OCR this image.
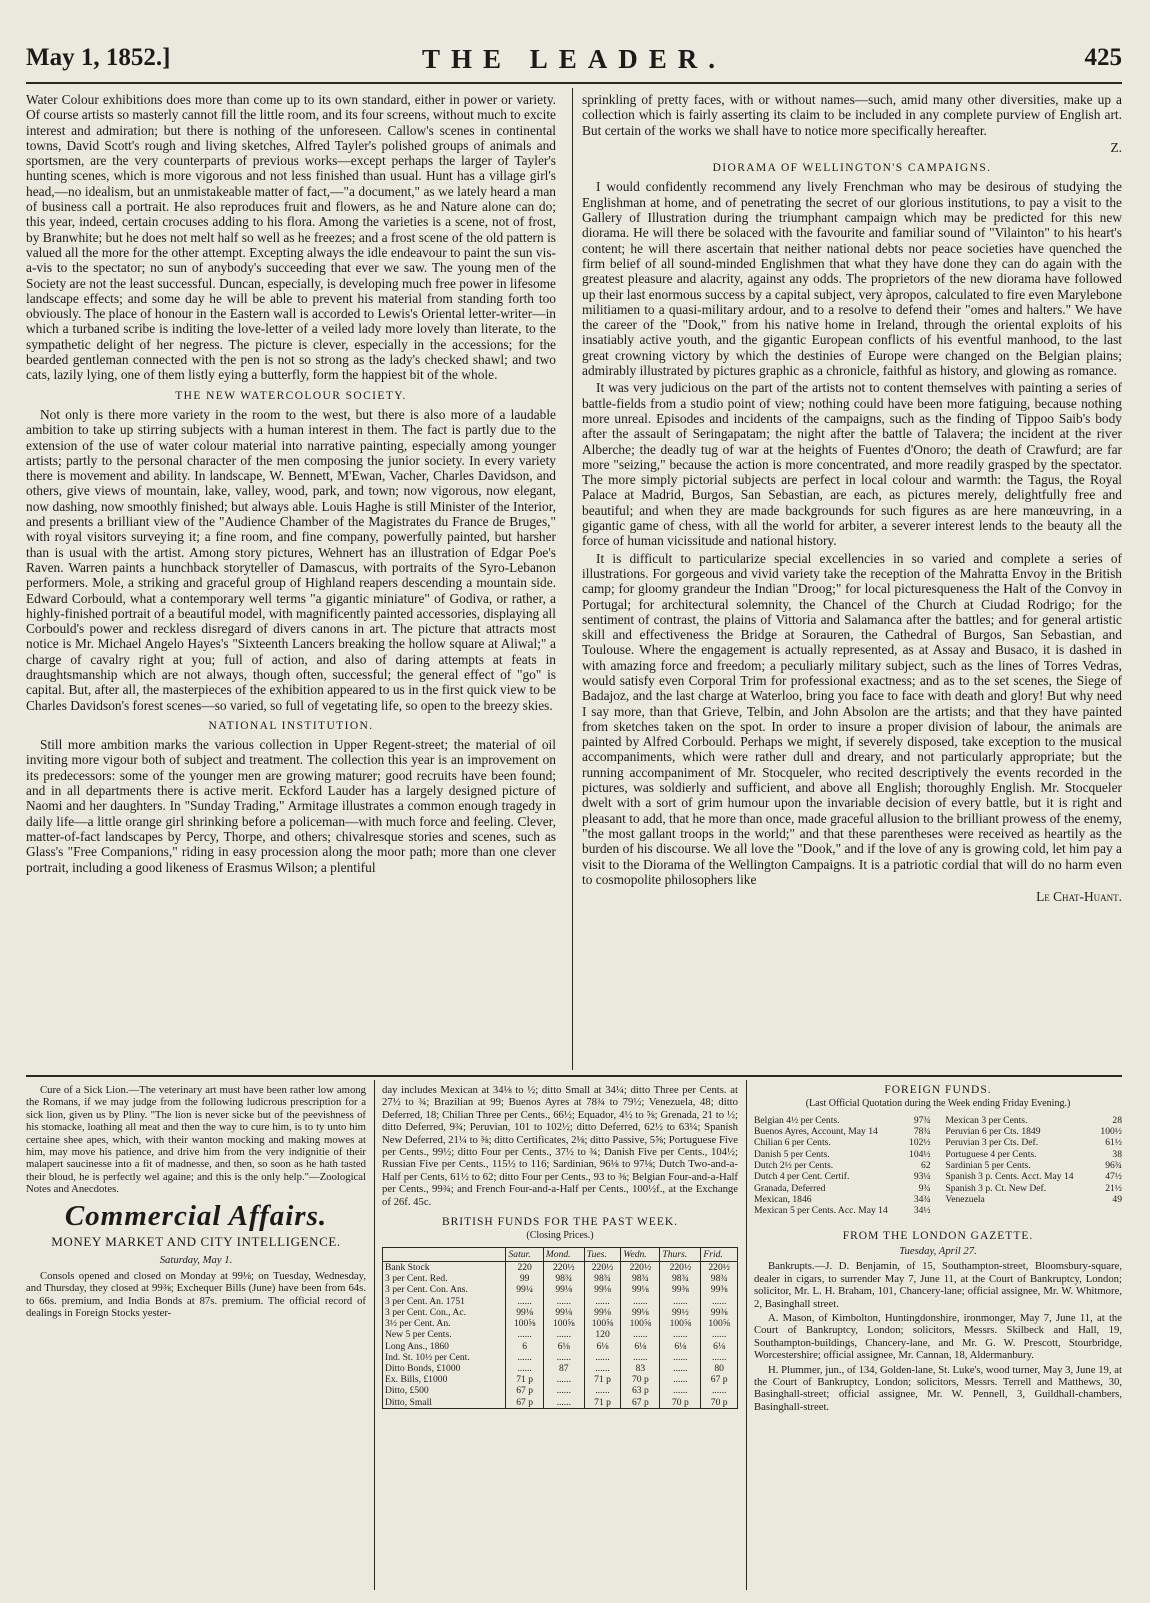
May 1, 1852.]	THE LEADER.	425

Water Colour exhibitions does more than come up to its own standard, either in power or variety. Of course artists so masterly cannot fill the little room, and its four screens, without much to excite interest and admiration; but there is nothing of the unforeseen. Callow's scenes in continental towns, David Scott's rough and living sketches, Alfred Tayler's polished groups of animals and sportsmen, are the very counterparts of previous works—except perhaps the larger of Tayler's hunting scenes, which is more vigorous and not less finished than usual. Hunt has a village girl's head,—no idealism, but an unmistakeable matter of fact,—"a document," as we lately heard a man of business call a portrait. He also reproduces fruit and flowers, as he and Nature alone can do; this year, indeed, certain crocuses adding to his flora. Among the varieties is a scene, not of frost, by Branwhite; but he does not melt half so well as he freezes; and a frost scene of the old pattern is valued all the more for the other attempt. Excepting always the idle endeavour to paint the sun vis-a-vis to the spectator; no sun of anybody's succeeding that ever we saw. The young men of the Society are not the least successful. Duncan, especially, is developing much free power in lifesome landscape effects; and some day he will be able to prevent his material from standing forth too obviously. The place of honour in the Eastern wall is accorded to Lewis's Oriental letter-writer—in which a turbaned scribe is inditing the love-letter of a veiled lady more lovely than literate, to the sympathetic delight of her negress. The picture is clever, especially in the accessions; for the bearded gentleman connected with the pen is not so strong as the lady's checked shawl; and two cats, lazily lying, one of them listly eying a butterfly, form the happiest bit of the whole.

THE NEW WATERCOLOUR SOCIETY.

Not only is there more variety in the room to the west, but there is also more of a laudable ambition to take up stirring subjects with a human interest in them. The fact is partly due to the extension of the use of water colour material into narrative painting, especially among younger artists; partly to the personal character of the men composing the junior society. In every variety there is movement and ability. In landscape, W. Bennett, M'Ewan, Vacher, Charles Davidson, and others, give views of mountain, lake, valley, wood, park, and town; now vigorous, now elegant, now dashing, now smoothly finished; but always able. Louis Haghe is still Minister of the Interior, and presents a brilliant view of the "Audience Chamber of the Magistrates du France de Bruges," with royal visitors surveying it; a fine room, and fine company, powerfully painted, but harsher than is usual with the artist. Among story pictures, Wehnert has an illustration of Edgar Poe's Raven. Warren paints a hunchback storyteller of Damascus, with portraits of the Syro-Lebanon performers. Mole, a striking and graceful group of Highland reapers descending a mountain side. Edward Corbould, what a contemporary well terms "a gigantic miniature" of Godiva, or rather, a highly-finished portrait of a beautiful model, with magnificently painted accessories, displaying all Corbould's power and reckless disregard of divers canons in art. The picture that attracts most notice is Mr. Michael Angelo Hayes's "Sixteenth Lancers breaking the hollow square at Aliwal;" a charge of cavalry right at you; full of action, and also of daring attempts at feats in draughtsmanship which are not always, though often, successful; the general effect of "go" is capital. But, after all, the masterpieces of the exhibition appeared to us in the first quick view to be Charles Davidson's forest scenes—so varied, so full of vegetating life, so open to the breezy skies.

NATIONAL INSTITUTION.

Still more ambition marks the various collection in Upper Regent-street; the material of oil inviting more vigour both of subject and treatment. The collection this year is an improvement on its predecessors: some of the younger men are growing maturer; good recruits have been found; and in all departments there is active merit. Eckford Lauder has a largely designed picture of Naomi and her daughters. In "Sunday Trading," Armitage illustrates a common enough tragedy in daily life—a little orange girl shrinking before a policeman—with much force and feeling. Clever, matter-of-fact landscapes by Percy, Thorpe, and others; chivalresque stories and scenes, such as Glass's "Free Companions," riding in easy procession along the moor path; more than one clever portrait, including a good likeness of Erasmus Wilson; a plentiful

sprinkling of pretty faces, with or without names—such, amid many other diversities, make up a collection which is fairly asserting its claim to be included in any complete purview of English art. But certain of the works we shall have to notice more specifically hereafter.

Z.

DIORAMA OF WELLINGTON'S CAMPAIGNS.

I would confidently recommend any lively Frenchman who may be desirous of studying the Englishman at home, and of penetrating the secret of our glorious institutions, to pay a visit to the Gallery of Illustration during the triumphant campaign which may be predicted for this new diorama. He will there be solaced with the favourite and familiar sound of "Vilainton" to his heart's content; he will there ascertain that neither national debts nor peace societies have quenched the firm belief of all sound-minded Englishmen that what they have done they can do again with the greatest pleasure and alacrity, against any odds. The proprietors of the new diorama have followed up their last enormous success by a capital subject, very àpropos, calculated to fire even Marylebone militiamen to a quasi-military ardour, and to a resolve to defend their "omes and halters." We have the career of the "Dook," from his native home in Ireland, through the oriental exploits of his insatiably active youth, and the gigantic European conflicts of his eventful manhood, to the last great crowning victory by which the destinies of Europe were changed on the Belgian plains; admirably illustrated by pictures graphic as a chronicle, faithful as history, and glowing as romance.

It was very judicious on the part of the artists not to content themselves with painting a series of battle-fields from a studio point of view; nothing could have been more fatiguing, because nothing more unreal. Episodes and incidents of the campaigns, such as the finding of Tippoo Saib's body after the assault of Seringapatam; the night after the battle of Talavera; the incident at the river Alberche; the deadly tug of war at the heights of Fuentes d'Onoro; the death of Crawfurd; are far more "seizing," because the action is more concentrated, and more readily grasped by the spectator. The more simply pictorial subjects are perfect in local colour and warmth: the Tagus, the Royal Palace at Madrid, Burgos, San Sebastian, are each, as pictures merely, delightfully free and beautiful; and when they are made backgrounds for such figures as are here manœuvring, in a gigantic game of chess, with all the world for arbiter, a severer interest lends to the beauty all the force of human vicissitude and national history.

It is difficult to particularize special excellencies in so varied and complete a series of illustrations. For gorgeous and vivid variety take the reception of the Mahratta Envoy in the British camp; for gloomy grandeur the Indian "Droog;" for local picturesqueness the Halt of the Convoy in Portugal; for architectural solemnity, the Chancel of the Church at Ciudad Rodrigo; for the sentiment of contrast, the plains of Vittoria and Salamanca after the battles; and for general artistic skill and effectiveness the Bridge at Sorauren, the Cathedral of Burgos, San Sebastian, and Toulouse. Where the engagement is actually represented, as at Assay and Busaco, it is dashed in with amazing force and freedom; a peculiarly military subject, such as the lines of Torres Vedras, would satisfy even Corporal Trim for professional exactness; and as to the set scenes, the Siege of Badajoz, and the last charge at Waterloo, bring you face to face with death and glory! But why need I say more, than that Grieve, Telbin, and John Absolon are the artists; and that they have painted from sketches taken on the spot. In order to insure a proper division of labour, the animals are painted by Alfred Corbould. Perhaps we might, if severely disposed, take exception to the musical accompaniments, which were rather dull and dreary, and not particularly appropriate; but the running accompaniment of Mr. Stocqueler, who recited descriptively the events recorded in the pictures, was soldierly and sufficient, and above all English; thoroughly English. Mr. Stocqueler dwelt with a sort of grim humour upon the invariable decision of every battle, but it is right and pleasant to add, that he more than once, made graceful allusion to the brilliant prowess of the enemy, "the most gallant troops in the world;" and that these parentheses were received as heartily as the burden of his discourse. We all love the "Dook," and if the love of any is growing cold, let him pay a visit to the Diorama of the Wellington Campaigns. It is a patriotic cordial that will do no harm even to cosmopolite philosophers like

Le Chat-Huant.

Cure of a Sick Lion.—The veterinary art must have been rather low among the Romans, if we may judge from the following ludicrous prescription for a sick lion, given us by Pliny. "The lion is never sicke but of the peevishness of his stomacke, loathing all meat and then the way to cure him, is to ty unto him certaine shee apes, which, with their wanton mocking and making mowes at him, may move his patience, and drive him from the very indignitie of their malapert saucinesse into a fit of madnesse, and then, so soon as he hath tasted their bloud, he is perfectly wel againe; and this is the only help."—Zoological Notes and Anecdotes.

Commercial Affairs.
MONEY MARKET AND CITY INTELLIGENCE.

Saturday, May 1.

Consols opened and closed on Monday at 99⅛; on Tuesday, Wednesday, and Thursday, they closed at 99⅜; Exchequer Bills (June) have been from 64s. to 66s. premium, and India Bonds at 87s. premium. The official record of dealings in Foreign Stocks yester-

day includes Mexican at 34⅛ to ½; ditto Small at 34¼; ditto Three per Cents. at 27½ to ¾; Brazilian at 99; Buenos Ayres at 78¾ to 79½; Venezuela, 48; ditto Deferred, 18; Chilian Three per Cents., 66½; Equador, 4½ to ⅝; Grenada, 21 to ½; ditto Deferred, 9¾; Peruvian, 101 to 102½; ditto Deferred, 62½ to 63¼; Spanish New Deferred, 21¼ to ⅜; ditto Certificates, 2⅛; ditto Passive, 5⅝; Portuguese Five per Cents., 99½; ditto Four per Cents., 37½ to ¾; Danish Five per Cents., 104½; Russian Five per Cents., 115½ to 116; Sardinian, 96⅛ to 97⅛; Dutch Two-and-a-Half per Cents, 61½ to 62; ditto Four per Cents., 93 to ⅜; Belgian Four-and-a-Half per Cents., 99¾; and French Four-and-a-Half per Cents., 100½f., at the Exchange of 26f. 45c.

BRITISH FUNDS FOR THE PAST WEEK.
(Closing Prices.)
	Satur.	Mond.	Tues.	Wedn.	Thurs.	Frid.
Bank Stock	220	220½	220½	220½	220½	220½
3 per Cent. Red.	99	98¾	98¾	98¾	98¾	98¾
3 per Cent. Con. Ans.	99¼	99⅛	99⅛	99⅛	99⅜	99⅜
3 per Cent. An. 1751	......	......	......	......	......	......
3 per Cent. Con., Ac.	99⅛	99⅛	99⅛	99⅛	99½	99⅜
3½ per Cent. An.	100⅝	100⅝	100⅝	100⅝	100⅝	100⅝
New 5 per Cents.	......	......	120	......	......	......
Long Ans., 1860	6	6⅛	6⅛	6⅛	6⅛	6⅛
Ind. St. 10½ per Cent.	......	......	......	......	......	......
Ditto Bonds, £1000	......	87	......	83	......	80
Ex. Bills, £1000	71 p	......	71 p	70 p	......	67 p
Ditto, £500	67 p	......	......	63 p	......	......
Ditto, Small	67 p	......	71 p	67 p	70 p	70 p
FOREIGN FUNDS.
(Last Official Quotation during the Week ending Friday Evening.)
Belgian 4½ per Cents.	97¾
Buenos Ayres, Account, May 14	78¾
Chilian 6 per Cents.	102½
Danish 5 per Cents.	104½
Dutch 2½ per Cents.	62
Dutch 4 per Cent. Certif.	93¼
Granada, Deferred	9¾
Mexican, 1846	34¾
Mexican 5 per Cents. Acc. May 14	34½
Mexican 3 per Cents.	28
Peruvian 6 per Cts. 1849	100½
Peruvian 3 per Cts. Def.	61½
Portuguese 4 per Cents.	38
Sardinian 5 per Cents.	96¾
Spanish 3 p. Cents. Acct. May 14	47½
Spanish 3 p. Ct. New Def.	21½
Venezuela	49
FROM THE LONDON GAZETTE.

Tuesday, April 27.

Bankrupts.—J. D. Benjamin, of 15, Southampton-street, Bloomsbury-square, dealer in cigars, to surrender May 7, June 11, at the Court of Bankruptcy, London; solicitor, Mr. L. H. Braham, 101, Chancery-lane; official assignee, Mr. W. Whitmore, 2, Basinghall street.

A. Mason, of Kimbolton, Huntingdonshire, ironmonger, May 7, June 11, at the Court of Bankruptcy, London; solicitors, Messrs. Skilbeck and Hall, 19, Southampton-buildings, Chancery-lane, and Mr. G. W. Prescott, Stourbridge, Worcestershire; official assignee, Mr. Cannan, 18, Aldermanbury.

H. Plummer, jun., of 134, Golden-lane, St. Luke's, wood turner, May 3, June 19, at the Court of Bankruptcy, London; solicitors, Messrs. Terrell and Matthews, 30, Basinghall-street; official assignee, Mr. W. Pennell, 3, Guildhall-chambers, Basinghall-street.
